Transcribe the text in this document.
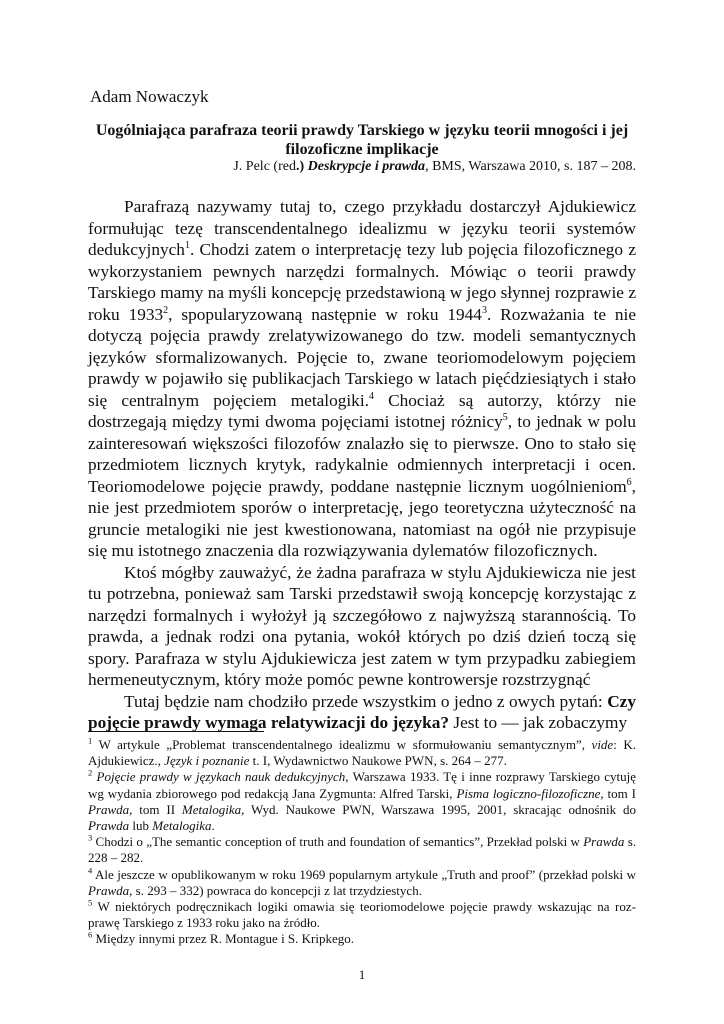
Adam Nowaczyk
Uogólniająca parafraza teorii prawdy Tarskiego w języku teorii mnogości i jej filozoficzne implikacje
J. Pelc (red.) Deskrypcje i prawda, BMS, Warszawa 2010, s. 187 – 208.

Parafrazą nazywamy tutaj to, czego przykładu dostarczył Ajdukiewicz formułując tezę transcendentalnego idealizmu w języku teorii systemów dedukcyjnych$^1$. Chodzi zatem o interpretację tezy lub pojęcia filozoficznego z wykorzystaniem pewnych narzędzi formalnych. Mówiąc o teorii prawdy Tarskiego mamy na myśli koncepcję przedstawioną w jego słynnej rozprawie z roku 1933$^2$, spopularyzowaną następnie w roku 1944$^3$. Rozważania te nie dotyczą pojęcia prawdy zrelatywizowanego do tzw. modeli semantycznych języków sformalizowanych. Pojęcie to, zwane teoriomodelowym pojęciem prawdy w pojawiło się publikacjach Tarskiego w latach pięćdziesiątych i stało się centralnym pojęciem metalogiki.$^4$ Chociaż są autorzy, którzy nie dostrzegają między tymi dwoma pojęciami istotnej różnicy$^5$, to jednak w polu zainteresowań większości filozofów znalazło się to pierwsze. Ono to stało się przedmiotem licznych krytyk, radykalnie odmiennych interpretacji i ocen. Teoriomodelowe pojęcie prawdy, poddane następnie licznym uogólnieniom$^6$, nie jest przedmiotem sporów o interpretację, jego teoretyczna użyteczność na gruncie metalogiki nie jest kwestionowana, natomiast na ogół nie przypisuje się mu istotnego znaczenia dla rozwiązywania dylematów filozoficznych.

Ktoś mógłby zauważyć, że żadna parafraza w stylu Ajdukiewicza nie jest tu potrzebna, ponieważ sam Tarski przedstawił swoją koncepcję korzystając z narzędzi formalnych i wyłożył ją szczegółowo z najwyższą starannością. To prawda, a jednak rodzi ona pytania, wokół których po dziś dzień toczą się spory. Parafraza w stylu Ajdukiewicza jest zatem w tym przypadku zabiegiem hermeneutycznym, który może pomóc pewne kontrowersje rozstrzygnąć

Tutaj będzie nam chodziło przede wszystkim o jedno z owych pytań: Czy pojęcie prawdy wymaga relatywizacji do języka? Jest to — jak zobaczymy

$^1$ W artykule „Problemat transcendentalnego idealizmu w sformułowaniu semantycznym”, vide: K. Ajdukiewicz., Język i poznanie t. I, Wydawnictwo Naukowe PWN, s. 264 – 277.

$^2$ Pojęcie prawdy w językach nauk dedukcyjnych, Warszawa 1933. Tę i inne rozprawy Tarskiego cytuję wg wydania zbiorowego pod redakcją Jana Zygmunta: Alfred Tarski, Pisma logiczno-filozoficzne, tom I Prawda, tom II Metalogika, Wyd. Naukowe PWN, Warszawa 1995, 2001, skracając odnośnik do Prawda lub Metalogika.

$^3$ Chodzi o „The semantic conception of truth and foundation of semantics”, Przekład polski w Prawda s. 228 – 282.

$^4$ Ale jeszcze w opublikowanym w roku 1969 popularnym artykule „Truth and proof” (przekład polski w Prawda, s. 293 – 332) powraca do koncepcji z lat trzydziestych.

$^5$ W niektórych podręcznikach logiki omawia się teoriomodelowe pojęcie prawdy wskazując na rozprawę Tarskiego z 1933 roku jako na źródło.

$^6$ Między innymi przez R. Montague i S. Kripkego.

1
